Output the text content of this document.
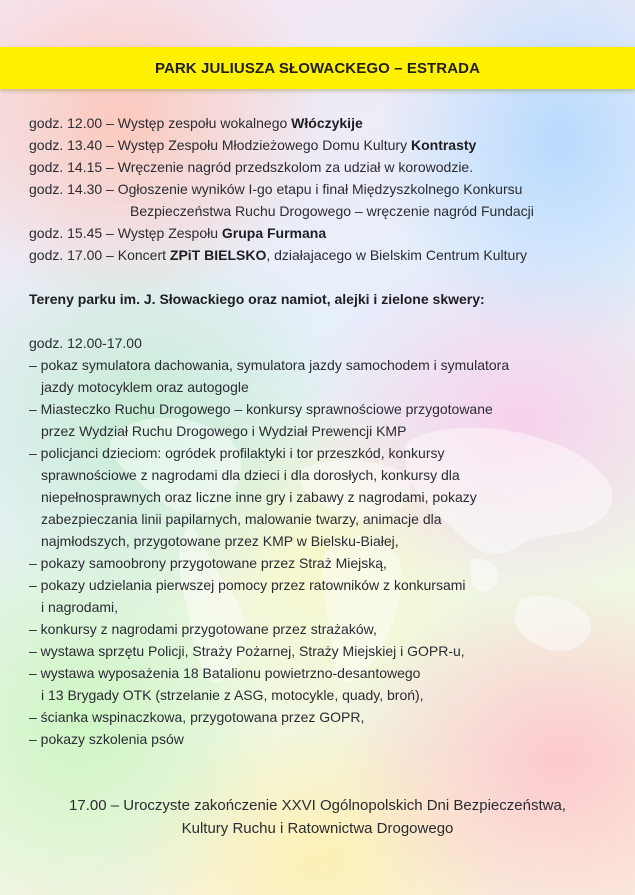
PARK JULIUSZA SŁOWACKEGO – ESTRADA
godz. 12.00 – Występ zespołu wokalnego Włóczykije
godz. 13.40 – Występ Zespołu Młodzieżowego Domu Kultury Kontrasty
godz. 14.15 – Wręczenie nagród przedszkolom za udział w korowodzie.
godz. 14.30 – Ogłoszenie wyników I-go etapu i finał Międzyszkolnego Konkursu
Bezpieczeństwa Ruchu Drogowego – wręczenie nagród Fundacji
godz. 15.45 – Występ Zespołu Grupa Furmana
godz. 17.00 – Koncert ZPiT BIELSKO, działajacego w Bielskim Centrum Kultury
Tereny parku im. J. Słowackiego oraz namiot, alejki i zielone skwery:
godz. 12.00-17.00
– pokaz symulatora dachowania, symulatora jazdy samochodem i symulatora
jazdy motocyklem oraz autogogle
– Miasteczko Ruchu Drogowego – konkursy sprawnościowe przygotowane
przez Wydział Ruchu Drogowego i Wydział Prewencji KMP
– policjanci dzieciom: ogródek profilaktyki i tor przeszkód, konkursy
sprawnościowe z nagrodami dla dzieci i dla dorosłych, konkursy dla
niepełnosprawnych oraz liczne inne gry i zabawy z nagrodami, pokazy
zabezpieczania linii papilarnych, malowanie twarzy, animacje dla
najmłodszych, przygotowane przez KMP w Bielsku-Białej,
– pokazy samoobrony przygotowane przez Straż Miejską,
– pokazy udzielania pierwszej pomocy przez ratowników z konkursami
i nagrodami,
– konkursy z nagrodami przygotowane przez strażaków,
– wystawa sprzętu Policji, Straży Pożarnej, Straży Miejskiej i GOPR-u,
– wystawa wyposażenia 18 Batalionu powietrzno-desantowego
i 13 Brygady OTK (strzelanie z ASG, motocykle, quady, broń),
– ścianka wspinaczkowa, przygotowana przez GOPR,
– pokazy szkolenia psów
17.00 – Uroczyste zakończenie XXVI Ogólnopolskich Dni Bezpieczeństwa,
Kultury Ruchu i Ratownictwa Drogowego
